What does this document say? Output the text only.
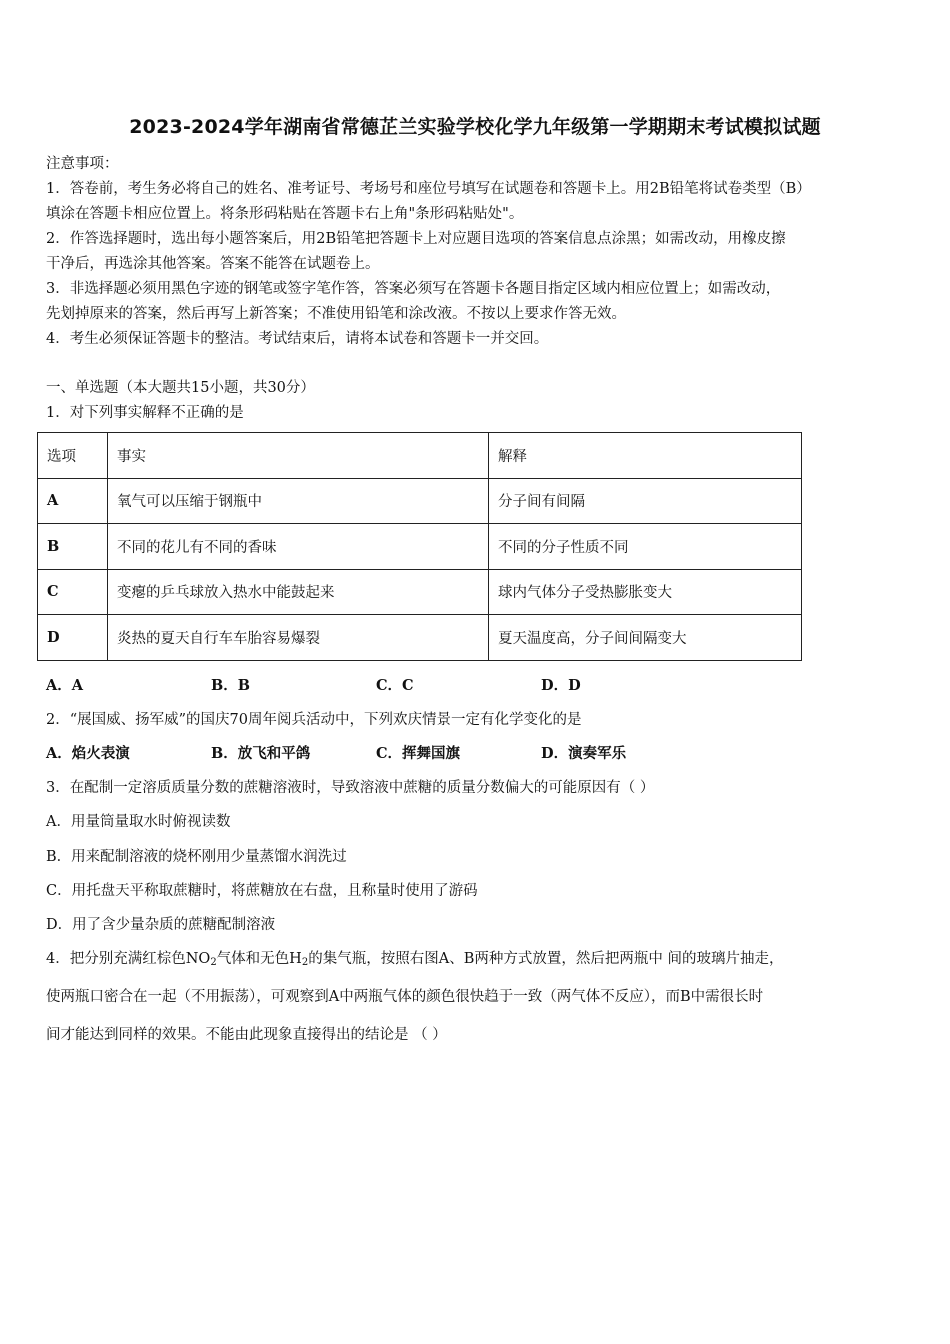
2023-2024学年湖南省常德芷兰实验学校化学九年级第一学期期末考试模拟试题
注意事项：
1．答卷前，考生务必将自己的姓名、准考证号、考场号和座位号填写在试题卷和答题卡上。用2B铅笔将试卷类型（B）
填涂在答题卡相应位置上。将条形码粘贴在答题卡右上角"条形码粘贴处"。
2．作答选择题时，选出每小题答案后，用2B铅笔把答题卡上对应题目选项的答案信息点涂黑；如需改动，用橡皮擦
干净后，再选涂其他答案。答案不能答在试题卷上。
3．非选择题必须用黑色字迹的钢笔或签字笔作答，答案必须写在答题卡各题目指定区域内相应位置上；如需改动，
先划掉原来的答案，然后再写上新答案；不准使用铅笔和涂改液。不按以上要求作答无效。
4．考生必须保证答题卡的整洁。考试结束后，请将本试卷和答题卡一并交回。
一、单选题（本大题共15小题，共30分）
1．对下列事实解释不正确的是
选项	事实	解释
A	氧气可以压缩于钢瓶中	分子间有间隔
B	不同的花儿有不同的香味	不同的分子性质不同
C	变瘪的乒乓球放入热水中能鼓起来	球内气体分子受热膨胀变大
D	炎热的夏天自行车车胎容易爆裂	夏天温度高，分子间间隔变大
A．A	B．B	C．C	D．D
2．“展国威、扬军威”的国庆70周年阅兵活动中，下列欢庆情景一定有化学变化的是
A．焰火表演	B．放飞和平鸽	C．挥舞国旗	D．演奏军乐
3．在配制一定溶质质量分数的蔗糖溶液时，导致溶液中蔗糖的质量分数偏大的可能原因有（ ）
A．用量筒量取水时俯视读数
B．用来配制溶液的烧杯刚用少量蒸馏水润洗过
C．用托盘天平称取蔗糖时，将蔗糖放在右盘，且称量时使用了游码
D．用了含少量杂质的蔗糖配制溶液
4．把分别充满红棕色$NO_2$气体和无色$H_2$的集气瓶，按照右图A、B两种方式放置，然后把两瓶中 间的玻璃片抽走，
使两瓶口密合在一起（不用振荡），可观察到A中两瓶气体的颜色很快趋于一致（两气体不反应），而B中需很长时
间才能达到同样的效果。不能由此现象直接得出的结论是 （ ）
